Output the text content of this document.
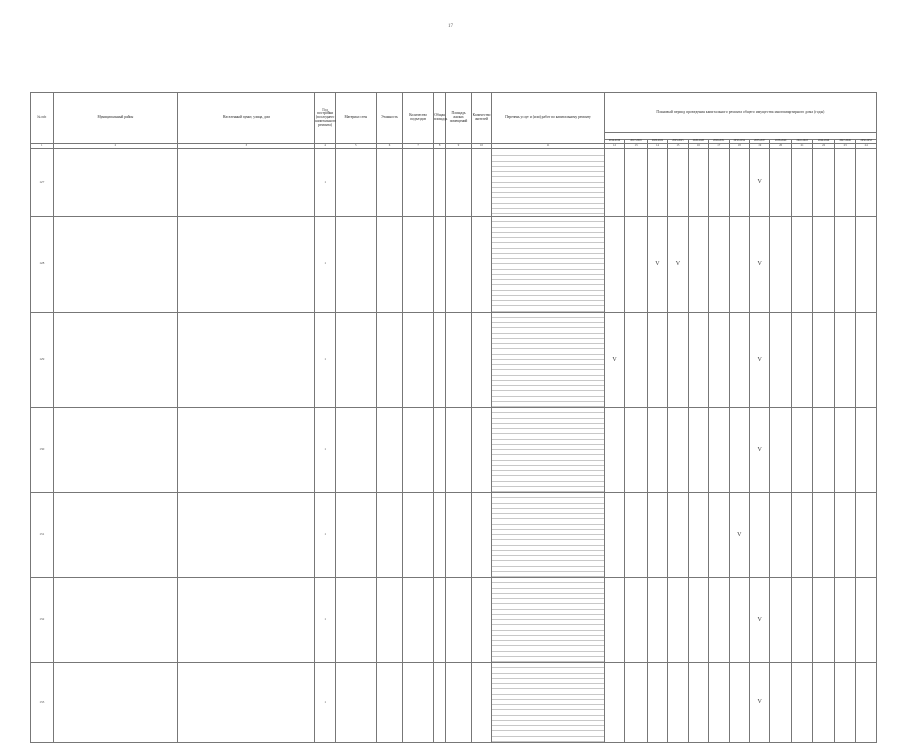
17
№ п/п	Муниципальный район	Населенный пункт, улица, дом	Год постройки (последнего капитального ремонта)	Материал стен	Этажность	Количество подъездов	Общая площадь	Площадь жилых помещений	Количество жителей	Перечень услуг и (или) работ по капитальному ремонту	Плановый период проведения капитального ремонта общего имущества многоквартирного дома (годы)												

											2014-2016	2017-2019	2020-2022	2023-2025	2026-2028	2029-2031	2032-2034	2035-2037	2038-2040	2041-2043	2044-2046	2047-2049	2050-2052
1	2	3	4	5	6	7	8	9	10	11	12	13	14	15	16	17	18	19	20	21	22	23	24
127			1															V					
128			1										V	V				V					
129			1								V							V					
130			1															V					
131			1														V						
132			1															V					
133			1															V					
